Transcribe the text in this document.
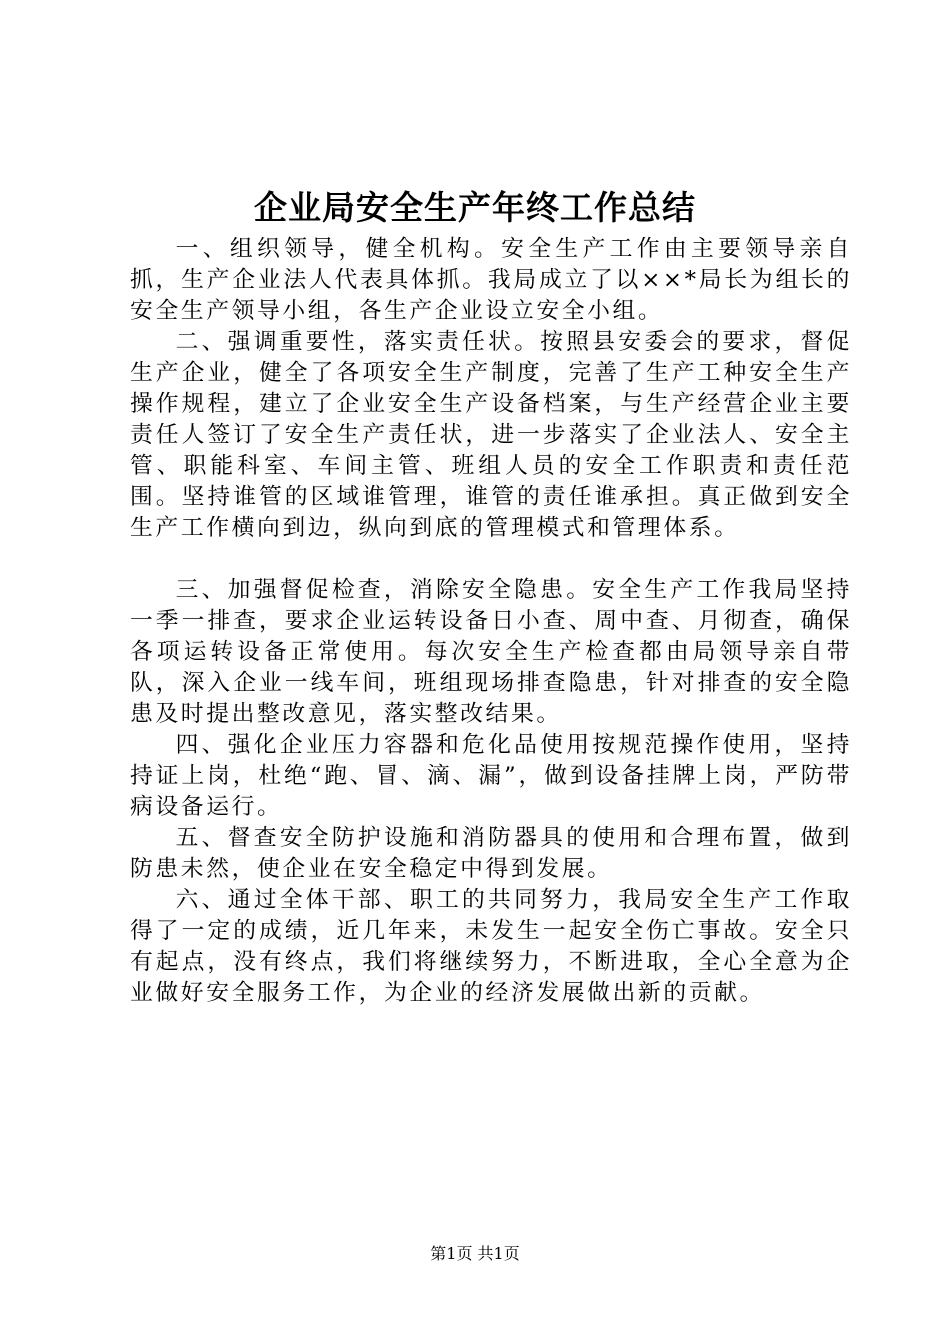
企业局安全生产年终工作总结

一、组织领导，健全机构。安全生产工作由主要领导亲自抓，生产企业法人代表具体抓。我局成立了以××*局长为组长的安全生产领导小组，各生产企业设立安全小组。

二、强调重要性，落实责任状。按照县安委会的要求，督促生产企业，健全了各项安全生产制度，完善了生产工种安全生产操作规程，建立了企业安全生产设备档案，与生产经营企业主要责任人签订了安全生产责任状，进一步落实了企业法人、安全主管、职能科室、车间主管、班组人员的安全工作职责和责任范围。坚持谁管的区域谁管理，谁管的责任谁承担。真正做到安全生产工作横向到边，纵向到底的管理模式和管理体系。

三、加强督促检查，消除安全隐患。安全生产工作我局坚持一季一排查，要求企业运转设备日小查、周中查、月彻查，确保各项运转设备正常使用。每次安全生产检查都由局领导亲自带队，深入企业一线车间，班组现场排查隐患，针对排查的安全隐患及时提出整改意见，落实整改结果。

四、强化企业压力容器和危化品使用按规范操作使用，坚持持证上岗，杜绝“跑、冒、滴、漏”，做到设备挂牌上岗，严防带病设备运行。

五、督查安全防护设施和消防器具的使用和合理布置，做到防患未然，使企业在安全稳定中得到发展。

六、通过全体干部、职工的共同努力，我局安全生产工作取得了一定的成绩，近几年来，未发生一起安全伤亡事故。安全只有起点，没有终点，我们将继续努力，不断进取，全心全意为企业做好安全服务工作，为企业的经济发展做出新的贡献。

第1页 共1页
